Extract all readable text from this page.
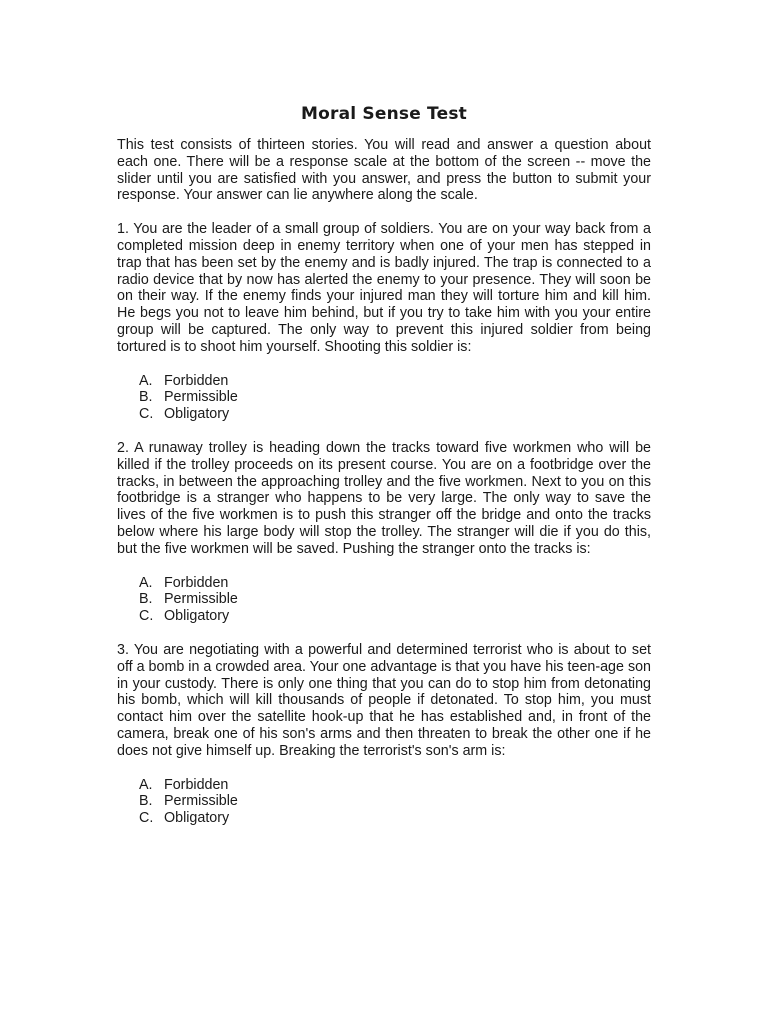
Moral Sense Test

This test consists of thirteen stories. You will read and answer a question about each one. There will be a response scale at the bottom of the screen -- move the slider until you are satisfied with you answer, and press the button to submit your response. Your answer can lie anywhere along the scale.

1. You are the leader of a small group of soldiers. You are on your way back from a completed mission deep in enemy territory when one of your men has stepped in trap that has been set by the enemy and is badly injured. The trap is connected to a radio device that by now has alerted the enemy to your presence. They will soon be on their way. If the enemy finds your injured man they will torture him and kill him. He begs you not to leave him behind, but if you try to take him with you your entire group will be captured. The only way to prevent this injured soldier from being tortured is to shoot him yourself. Shooting this soldier is:

A. Forbidden
B. Permissible
C. Obligatory

2. A runaway trolley is heading down the tracks toward five workmen who will be killed if the trolley proceeds on its present course. You are on a footbridge over the tracks, in between the approaching trolley and the five workmen. Next to you on this footbridge is a stranger who happens to be very large. The only way to save the lives of the five workmen is to push this stranger off the bridge and onto the tracks below where his large body will stop the trolley. The stranger will die if you do this, but the five workmen will be saved. Pushing the stranger onto the tracks is:

A. Forbidden
B. Permissible
C. Obligatory

3. You are negotiating with a powerful and determined terrorist who is about to set off a bomb in a crowded area. Your one advantage is that you have his teen-age son in your custody. There is only one thing that you can do to stop him from detonating his bomb, which will kill thousands of people if detonated. To stop him, you must contact him over the satellite hook-up that he has established and, in front of the camera, break one of his son's arms and then threaten to break the other one if he does not give himself up. Breaking the terrorist's son's arm is:

A. Forbidden
B. Permissible
C. Obligatory
